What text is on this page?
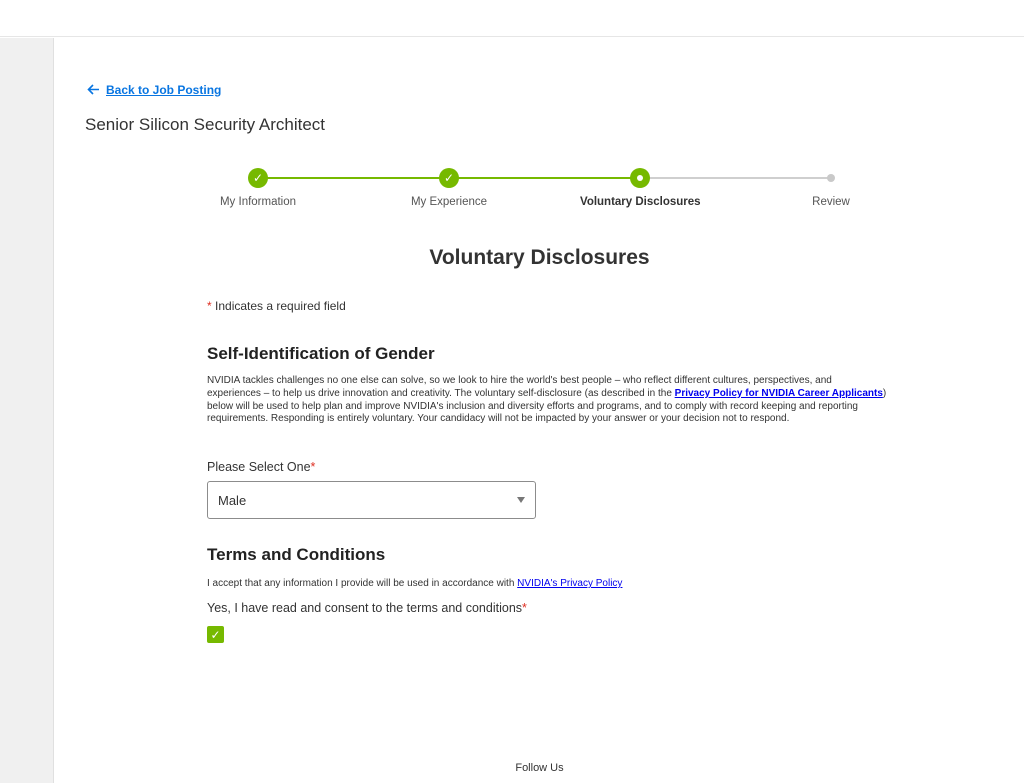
Back to Job Posting
Senior Silicon Security Architect
✓
My Information
✓
My Experience	Voluntary Disclosures	Review
Voluntary Disclosures
* Indicates a required field
Self-Identification of Gender
NVIDIA tackles challenges no one else can solve, so we look to hire the world's best people – who reflect different cultures, perspectives, and experiences – to help us drive innovation and creativity. The voluntary self-disclosure (as described in the Privacy Policy for NVIDIA Career Applicants) below will be used to help plan and improve NVIDIA's inclusion and diversity efforts and programs, and to comply with record keeping and reporting requirements. Responding is entirely voluntary. Your candidacy will not be impacted by your answer or your decision not to respond.
Please Select One*
Male
Terms and Conditions
I accept that any information I provide will be used in accordance with NVIDIA's Privacy Policy
Yes, I have read and consent to the terms and conditions*
✓
Follow Us
